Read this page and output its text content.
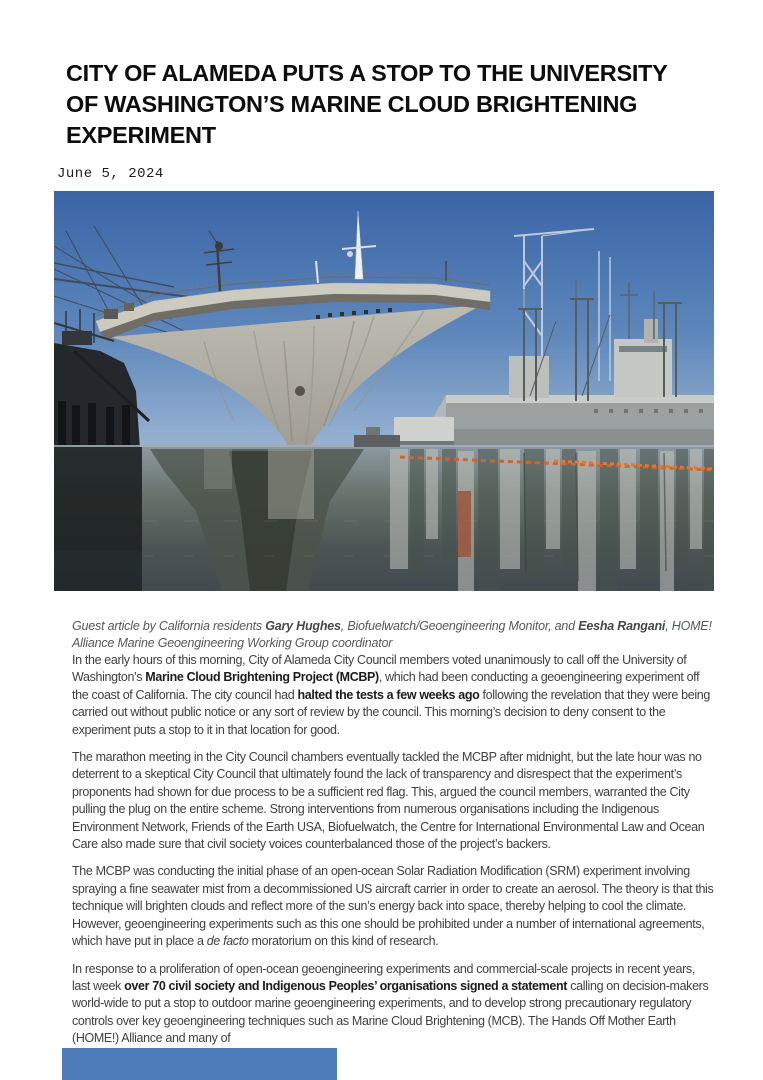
CITY OF ALAMEDA PUTS A STOP TO THE UNIVERSITY
OF WASHINGTON’S MARINE CLOUD BRIGHTENING
EXPERIMENT
June 5, 2024

Guest article by California residents Gary Hughes, Biofuelwatch/Geoengineering Monitor, and Eesha Rangani, HOME! Alliance Marine Geoengineering Working Group coordinator

In the early hours of this morning, City of Alameda City Council members voted unanimously to call off the University of Washington’s Marine Cloud Brightening Project (MCBP), which had been conducting a geoengineering experiment off the coast of California. The city council had halted the tests a few weeks ago following the revelation that they were being carried out without public notice or any sort of review by the council. This morning’s decision to deny consent to the experiment puts a stop to it in that location for good.

The marathon meeting in the City Council chambers eventually tackled the MCBP after midnight, but the late hour was no deterrent to a skeptical City Council that ultimately found the lack of transparency and disrespect that the experiment’s proponents had shown for due process to be a sufficient red flag. This, argued the council members, warranted the City pulling the plug on the entire scheme. Strong interventions from numerous organisations including the Indigenous Environment Network, Friends of the Earth USA, Biofuelwatch, the Centre for International Environmental Law and Ocean Care also made sure that civil society voices counterbalanced those of the project’s backers.

The MCBP was conducting the initial phase of an open-ocean Solar Radiation Modification (SRM) experiment involving spraying a fine seawater mist from a decommissioned US aircraft carrier in order to create an aerosol. The theory is that this technique will brighten clouds and reflect more of the sun’s energy back into space, thereby helping to cool the climate. However, geoengineering experiments such as this one should be prohibited under a number of international agreements, which have put in place a de facto moratorium on this kind of research.

In response to a proliferation of open-ocean geoengineering experiments and commercial-scale projects in recent years, last week over 70 civil society and Indigenous Peoples’ organisations signed a statement calling on decision-makers world-wide to put a stop to outdoor marine geoengineering experiments, and to develop strong precautionary regulatory controls over key geoengineering techniques such as Marine Cloud Brightening (MCB). The Hands Off Mother Earth (HOME!) Alliance and many of
